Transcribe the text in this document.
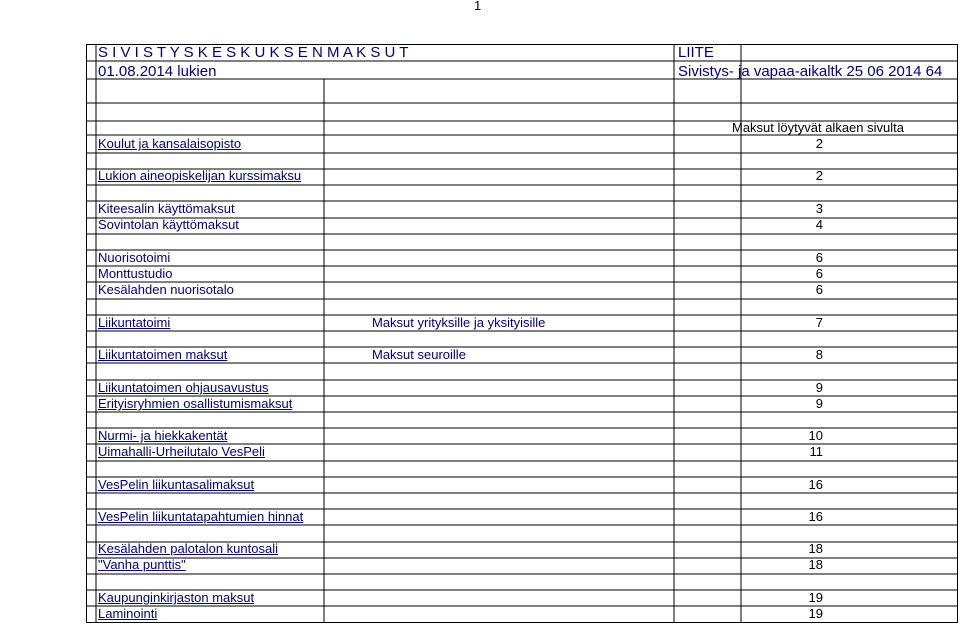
1
S I V I S T Y S K E S K U K S E N M A K S U T	LIITE
01.08.2014 lukien	Sivistys- ja vapaa-aikaltk 25 06 2014 64
Maksut löytyvät alkaen sivulta
Koulut ja kansalaisopisto	2
Lukion aineopiskelijan kurssimaksu	2
Kiteesalin käyttömaksut	3
Sovintolan käyttömaksut	4
Nuorisotoimi	6
Monttustudio	6
Kesälahden nuorisotalo	6
Liikuntatoimi	Maksut yrityksille ja yksityisille	7
Liikuntatoimen maksut	Maksut seuroille	8
Liikuntatoimen ohjausavustus	9
Erityisryhmien osallistumismaksut	9
Nurmi- ja hiekkakentät	10
Uimahalli-Urheilutalo VesPeli	11
VesPelin liikuntasalimaksut	16
VesPelin liikuntatapahtumien hinnat	16
Kesälahden palotalon kuntosali	18
"Vanha punttis"	18
Kaupunginkirjaston maksut	19
Laminointi	19
